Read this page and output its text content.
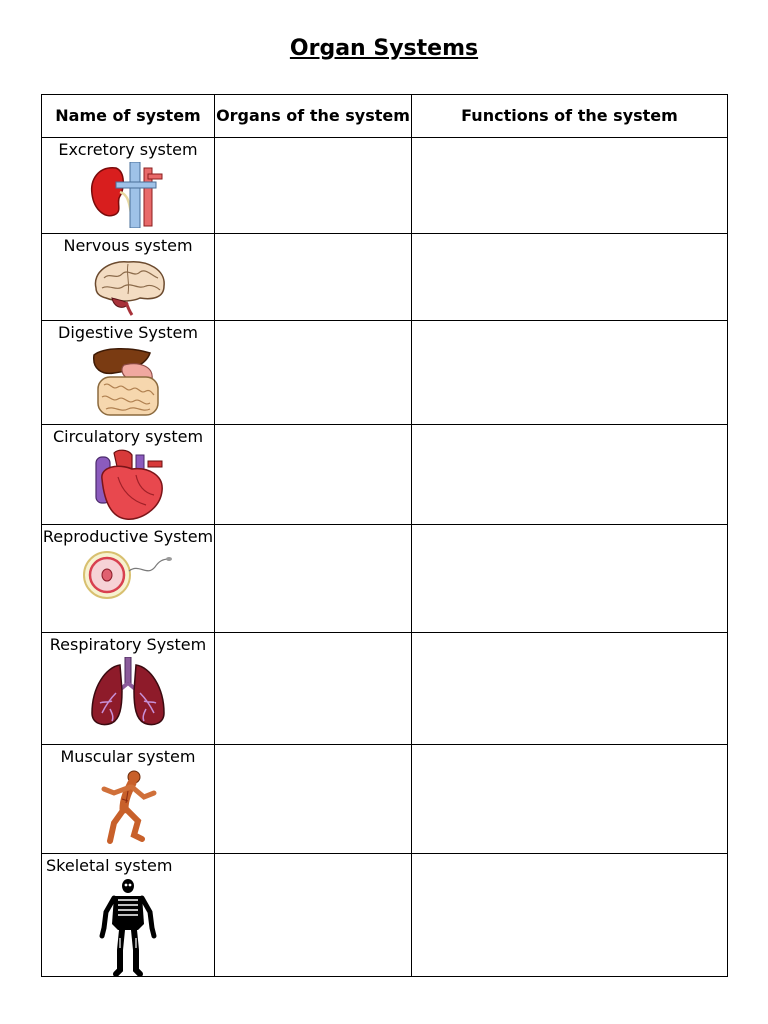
Organ Systems
Name of system	Organs of the system	Functions of the system

Excretory system		

Nervous system		

Digestive System		

Circulatory system		

Reproductive System		

Respiratory System		

Muscular system		

Skeletal system		
